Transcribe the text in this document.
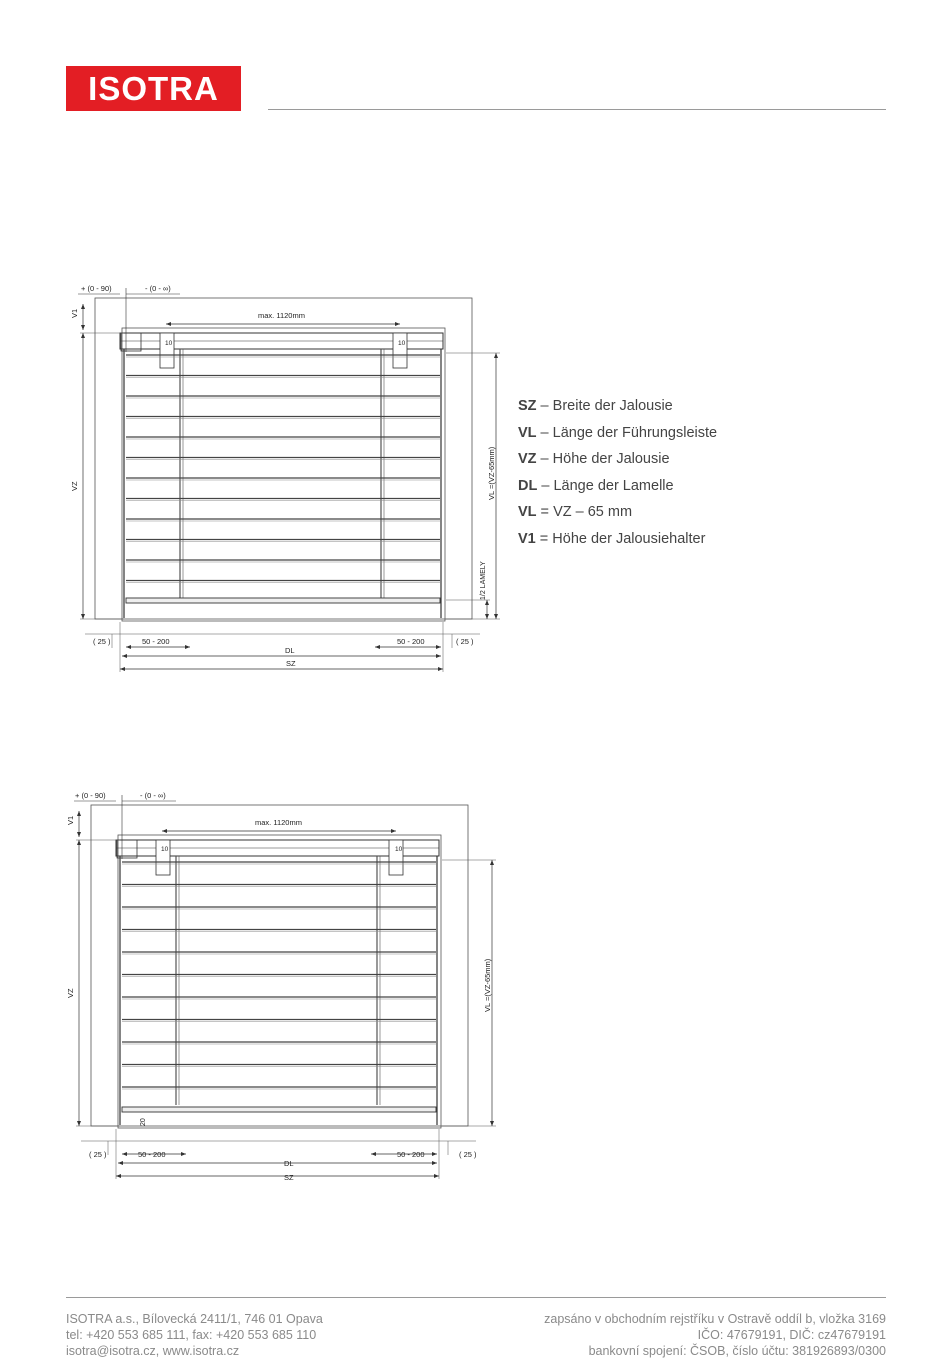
ISOTRA
SZ – Breite der Jalousie
VL – Länge der Führungsleiste
VZ – Höhe der Jalousie
DL – Länge der Lamelle
VL = VZ – 65 mm
V1 = Höhe der Jalousiehalter
+ (0 - 90)	- (0 - ∞)
max. 1120mm
V1
VZ	VL =(VZ-65mm)
1/2 LAMELY
10	10
( 25 )	( 25 )
50 - 200	50 - 200
DL
SZ
+ (0 - 90)	- (0 - ∞)
max. 1120mm
V1
VZ	VL =(VZ-65mm)
20
10	10
( 25 )	( 25 )
50 - 200	50 - 200
DL
SZ
ISOTRA a.s., Bílovecká 2411/1, 746 01 Opava
tel: +420 553 685 111, fax: +420 553 685 110
isotra@isotra.cz, www.isotra.cz
zapsáno v obchodním rejstříku v Ostravě oddíl b, vložka 3169
IČO: 47679191, DIČ: cz47679191
bankovní spojení: ČSOB, číslo účtu: 381926893/0300
